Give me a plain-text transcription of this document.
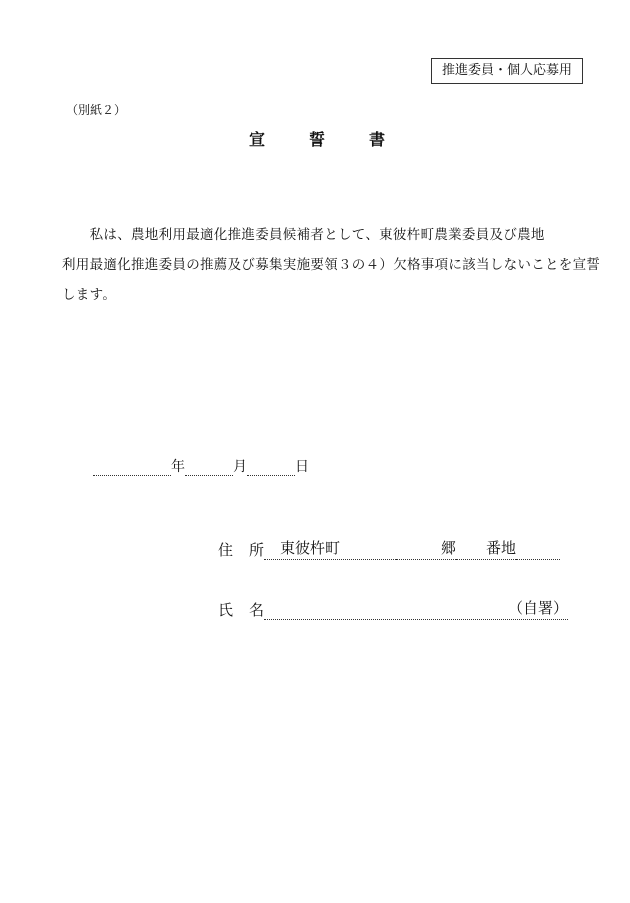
推進委員・個人応募用
（別紙２）
宣	誓	書
　　私は、農地利用最適化推進委員候補者として、東彼杵町農業委員及び農地
利用最適化推進委員の推薦及び募集実施要領３の４）欠格事項に該当しないことを宣誓
します。
年	月	日
住 所	東彼杵町	郷	番地
氏 名	（自署）
